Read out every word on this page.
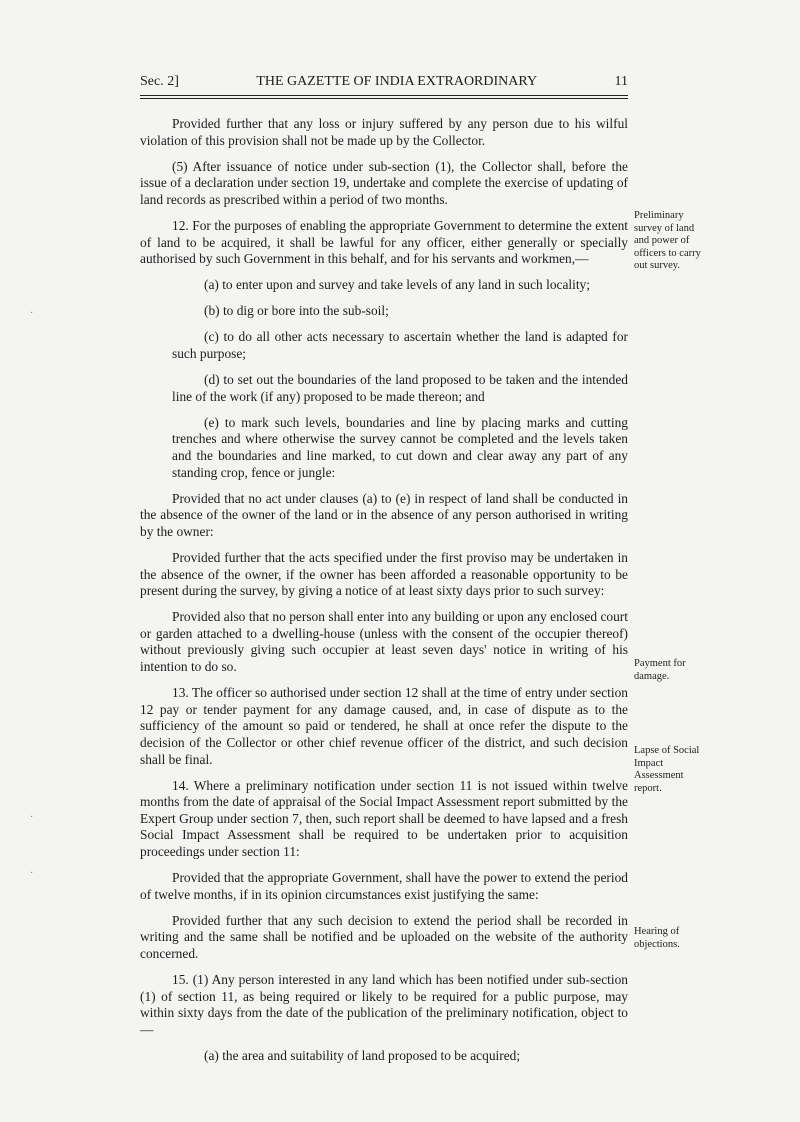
Sec. 2]	THE GAZETTE OF INDIA EXTRAORDINARY	11

Provided further that any loss or injury suffered by any person due to his wilful violation of this provision shall not be made up by the Collector.

(5) After issuance of notice under sub-section (1), the Collector shall, before the issue of a declaration under section 19, undertake and complete the exercise of updating of land records as prescribed within a period of two months.

12. For the purposes of enabling the appropriate Government to determine the extent of land to be acquired, it shall be lawful for any officer, either generally or specially authorised by such Government in this behalf, and for his servants and workmen,—

(a) to enter upon and survey and take levels of any land in such locality;

(b) to dig or bore into the sub-soil;

(c) to do all other acts necessary to ascertain whether the land is adapted for such purpose;

(d) to set out the boundaries of the land proposed to be taken and the intended line of the work (if any) proposed to be made thereon; and

(e) to mark such levels, boundaries and line by placing marks and cutting trenches and where otherwise the survey cannot be completed and the levels taken and the boundaries and line marked, to cut down and clear away any part of any standing crop, fence or jungle:

Provided that no act under clauses (a) to (e) in respect of land shall be conducted in the absence of the owner of the land or in the absence of any person authorised in writing by the owner:

Provided further that the acts specified under the first proviso may be undertaken in the absence of the owner, if the owner has been afforded a reasonable opportunity to be present during the survey, by giving a notice of at least sixty days prior to such survey:

Provided also that no person shall enter into any building or upon any enclosed court or garden attached to a dwelling-house (unless with the consent of the occupier thereof) without previously giving such occupier at least seven days' notice in writing of his intention to do so.

13. The officer so authorised under section 12 shall at the time of entry under section 12 pay or tender payment for any damage caused, and, in case of dispute as to the sufficiency of the amount so paid or tendered, he shall at once refer the dispute to the decision of the Collector or other chief revenue officer of the district, and such decision shall be final.

14. Where a preliminary notification under section 11 is not issued within twelve months from the date of appraisal of the Social Impact Assessment report submitted by the Expert Group under section 7, then, such report shall be deemed to have lapsed and a fresh Social Impact Assessment shall be required to be undertaken prior to acquisition proceedings under section 11:

Provided that the appropriate Government, shall have the power to extend the period of twelve months, if in its opinion circumstances exist justifying the same:

Provided further that any such decision to extend the period shall be recorded in writing and the same shall be notified and be uploaded on the website of the authority concerned.

15. (1) Any person interested in any land which has been notified under sub-section (1) of section 11, as being required or likely to be required for a public purpose, may within sixty days from the date of the publication of the preliminary notification, object to—

(a) the area and suitability of land proposed to be acquired;

Preliminary survey of land and power of officers to carry out survey.
Payment for damage.
Lapse of Social Impact Assessment report.
Hearing of objections.
·
·
·
